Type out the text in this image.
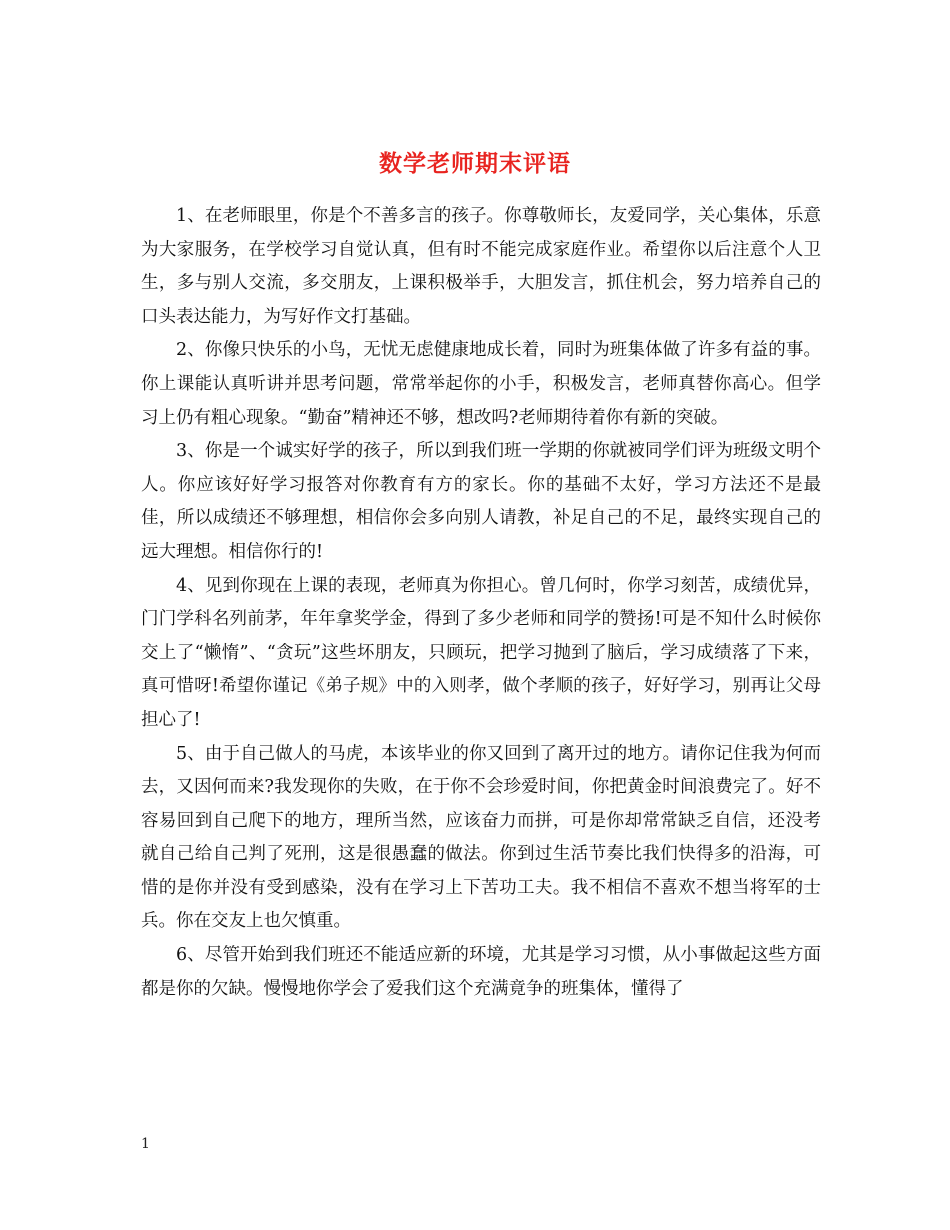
数学老师期末评语

1、在老师眼里，你是个不善多言的孩子。你尊敬师长，友爱同学，关心集体，乐意为大家服务，在学校学习自觉认真，但有时不能完成家庭作业。希望你以后注意个人卫生，多与别人交流，多交朋友，上课积极举手，大胆发言，抓住机会，努力培养自己的口头表达能力，为写好作文打基础。

2、你像只快乐的小鸟，无忧无虑健康地成长着，同时为班集体做了许多有益的事。你上课能认真听讲并思考问题，常常举起你的小手，积极发言，老师真替你高心。但学习上仍有粗心现象。“勤奋”精神还不够，想改吗?老师期待着你有新的突破。

3、你是一个诚实好学的孩子，所以到我们班一学期的你就被同学们评为班级文明个人。你应该好好学习报答对你教育有方的家长。你的基础不太好，学习方法还不是最佳，所以成绩还不够理想，相信你会多向别人请教，补足自己的不足，最终实现自己的远大理想。相信你行的!

4、见到你现在上课的表现，老师真为你担心。曾几何时，你学习刻苦，成绩优异，门门学科名列前茅，年年拿奖学金，得到了多少老师和同学的赞扬!可是不知什么时候你交上了“懒惰”、“贪玩”这些坏朋友，只顾玩，把学习抛到了脑后，学习成绩落了下来，真可惜呀!希望你谨记《弟子规》中的入则孝，做个孝顺的孩子，好好学习，别再让父母担心了!

5、由于自己做人的马虎，本该毕业的你又回到了离开过的地方。请你记住我为何而去，又因何而来?我发现你的失败，在于你不会珍爱时间，你把黄金时间浪费完了。好不容易回到自己爬下的地方，理所当然，应该奋力而拼，可是你却常常缺乏自信，还没考就自己给自己判了死刑，这是很愚蠢的做法。你到过生活节奏比我们快得多的沿海，可惜的是你并没有受到感染，没有在学习上下苦功工夫。我不相信不喜欢不想当将军的士兵。你在交友上也欠慎重。

6、尽管开始到我们班还不能适应新的环境，尤其是学习习惯，从小事做起这些方面都是你的欠缺。慢慢地你学会了爱我们这个充满竟争的班集体，懂得了

1
